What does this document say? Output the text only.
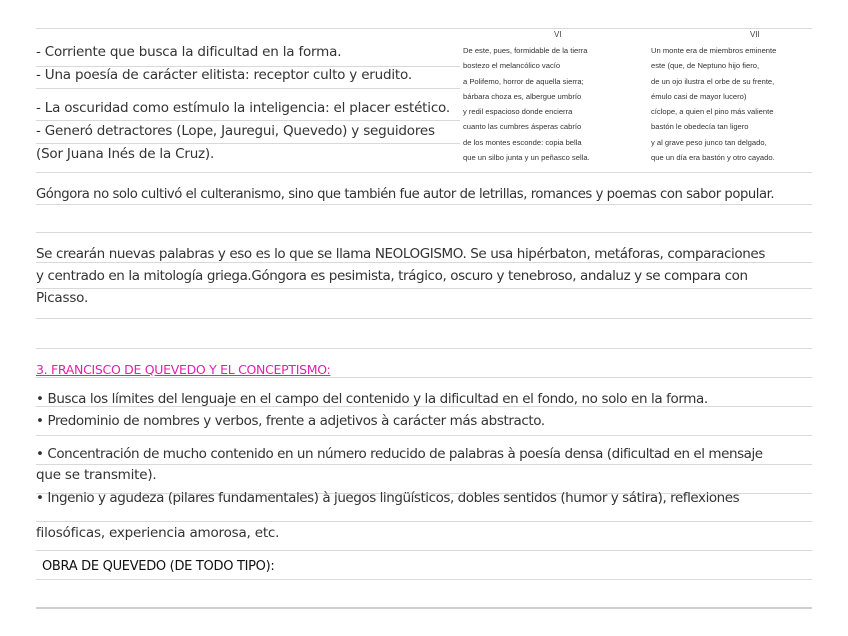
- Corriente que busca la dificultad en la forma.
- Una poesía de carácter elitista: receptor culto y erudito.
- La oscuridad como estímulo la inteligencia: el placer estético.
- Generó detractores (Lope, Jauregui, Quevedo) y seguidores
(Sor Juana Inés de la Cruz).
VI	VII
De este, pues, formidable de la tierra
bostezo el melancólico vacío
a Polifemo, horror de aquella sierra;
bárbara choza es, albergue umbrío
y redil espacioso donde encierra
cuanto las cumbres ásperas cabrío
de los montes esconde: copia bella
que un silbo junta y un peñasco sella.
Un monte era de miembros eminente
este (que, de Neptuno hijo fiero,
de un ojo ilustra el orbe de su frente,
émulo casi de mayor lucero)
cíclope, a quien el pino más valiente
bastón le obedecía tan ligero
y al grave peso junco tan delgado,
que un día era bastón y otro cayado.
Góngora no solo cultivó el culteranismo, sino que también fue autor de letrillas, romances y poemas con sabor popular.
Se crearán nuevas palabras y eso es lo que se llama NEOLOGISMO. Se usa hipérbaton, metáforas, comparaciones
y centrado en la mitología griega.Góngora es pesimista, trágico, oscuro y tenebroso, andaluz y se compara con
Picasso.
3. FRANCISCO DE QUEVEDO Y EL CONCEPTISMO:
• Busca los límites del lenguaje en el campo del contenido y la dificultad en el fondo, no solo en la forma.
• Predominio de nombres y verbos, frente a adjetivos à carácter más abstracto.
• Concentración de mucho contenido en un número reducido de palabras à poesía densa (dificultad en el mensaje
que se transmite).
• Ingenio y agudeza (pilares fundamentales) à juegos lingüísticos, dobles sentidos (humor y sátira), reflexiones
filosóficas, experiencia amorosa, etc.
OBRA DE QUEVEDO (DE TODO TIPO):
